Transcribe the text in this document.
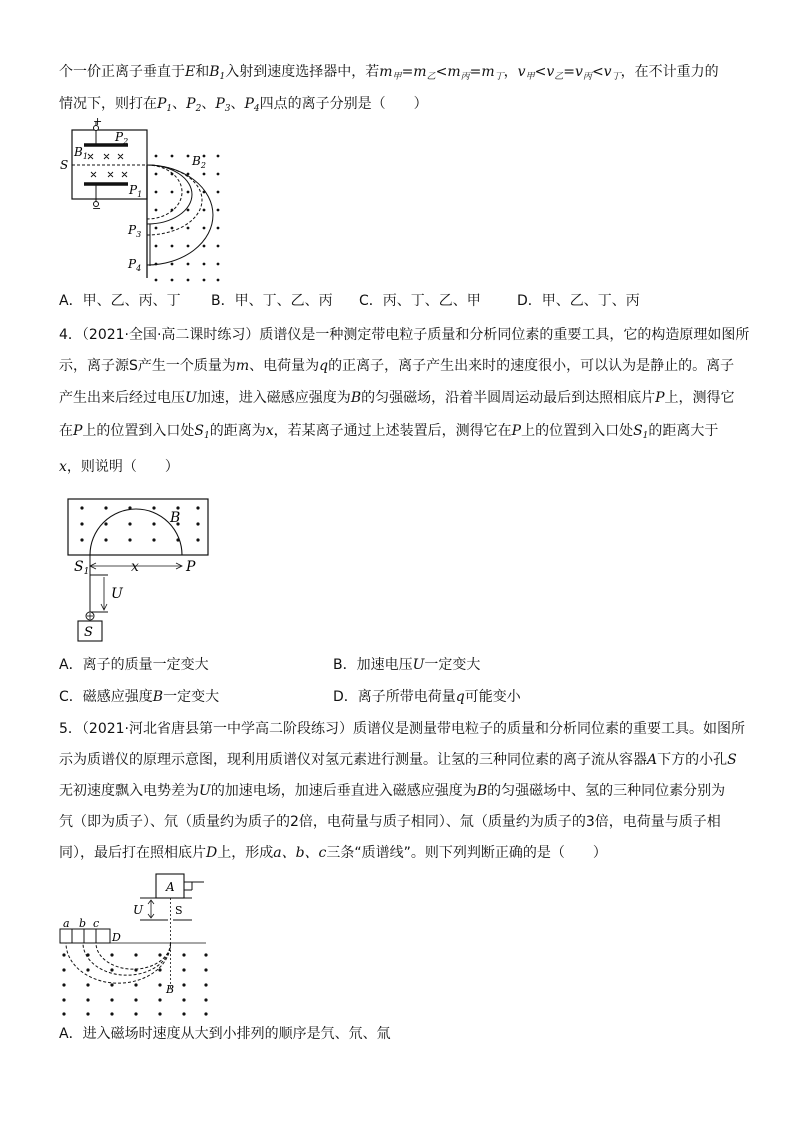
个一价正离子垂直于E和$B_1$入射到速度选择器中，若$m_甲=m_乙<m_丙=m_丁$，$v_甲<v_乙=v_丙<v_丁$，在不计重力的
情况下，则打在$P_1$、$P_2$、$P_3$、$P_4$四点的离子分别是（　　）
+
−
S
$B_1$
$P_2$
$P_1$
$B_2$
$P_3$
$P_4$
A．甲、乙、丙、丁 B．甲、丁、乙、丙 C．丙、丁、乙、甲	D．甲、乙、丁、丙
4．（2021·全国·高二课时练习）质谱仪是一种测定带电粒子质量和分析同位素的重要工具，它的构造原理如图所
示，离子源S产生一个质量为m、电荷量为q的正离子，离子产生出来时的速度很小，可以认为是静止的。离子
产生出来后经过电压U加速，进入磁感应强度为B的匀强磁场，沿着半圆周运动最后到达照相底片P上，测得它
在P上的位置到入口处$S_1$的距离为x，若某离子通过上述装置后，测得它在P上的位置到入口处$S_1$的距离大于
x，则说明（　　）
B
$S_1$	x	P
U
S
A．离子的质量一定变大	B．加速电压U一定变大
C．磁感应强度B一定变大	D．离子所带电荷量q可能变小
5．（2021·河北省唐县第一中学高二阶段练习）质谱仪是测量带电粒子的质量和分析同位素的重要工具。如图所
示为质谱仪的原理示意图，现利用质谱仪对氢元素进行测量。让氢的三种同位素的离子流从容器A下方的小孔S
无初速度飘入电势差为U的加速电场，加速后垂直进入磁感应强度为B的匀强磁场中、氢的三种同位素分别为
氕（即为质子）、氘（质量约为质子的2倍，电荷量与质子相同）、氚（质量约为质子的3倍，电荷量与质子相
同），最后打在照相底片D上，形成a、b、c三条“质谱线”。则下列判断正确的是（　　）
A
U	S
a b c
D
B
A．进入磁场时速度从大到小排列的顺序是氕、氘、氚
